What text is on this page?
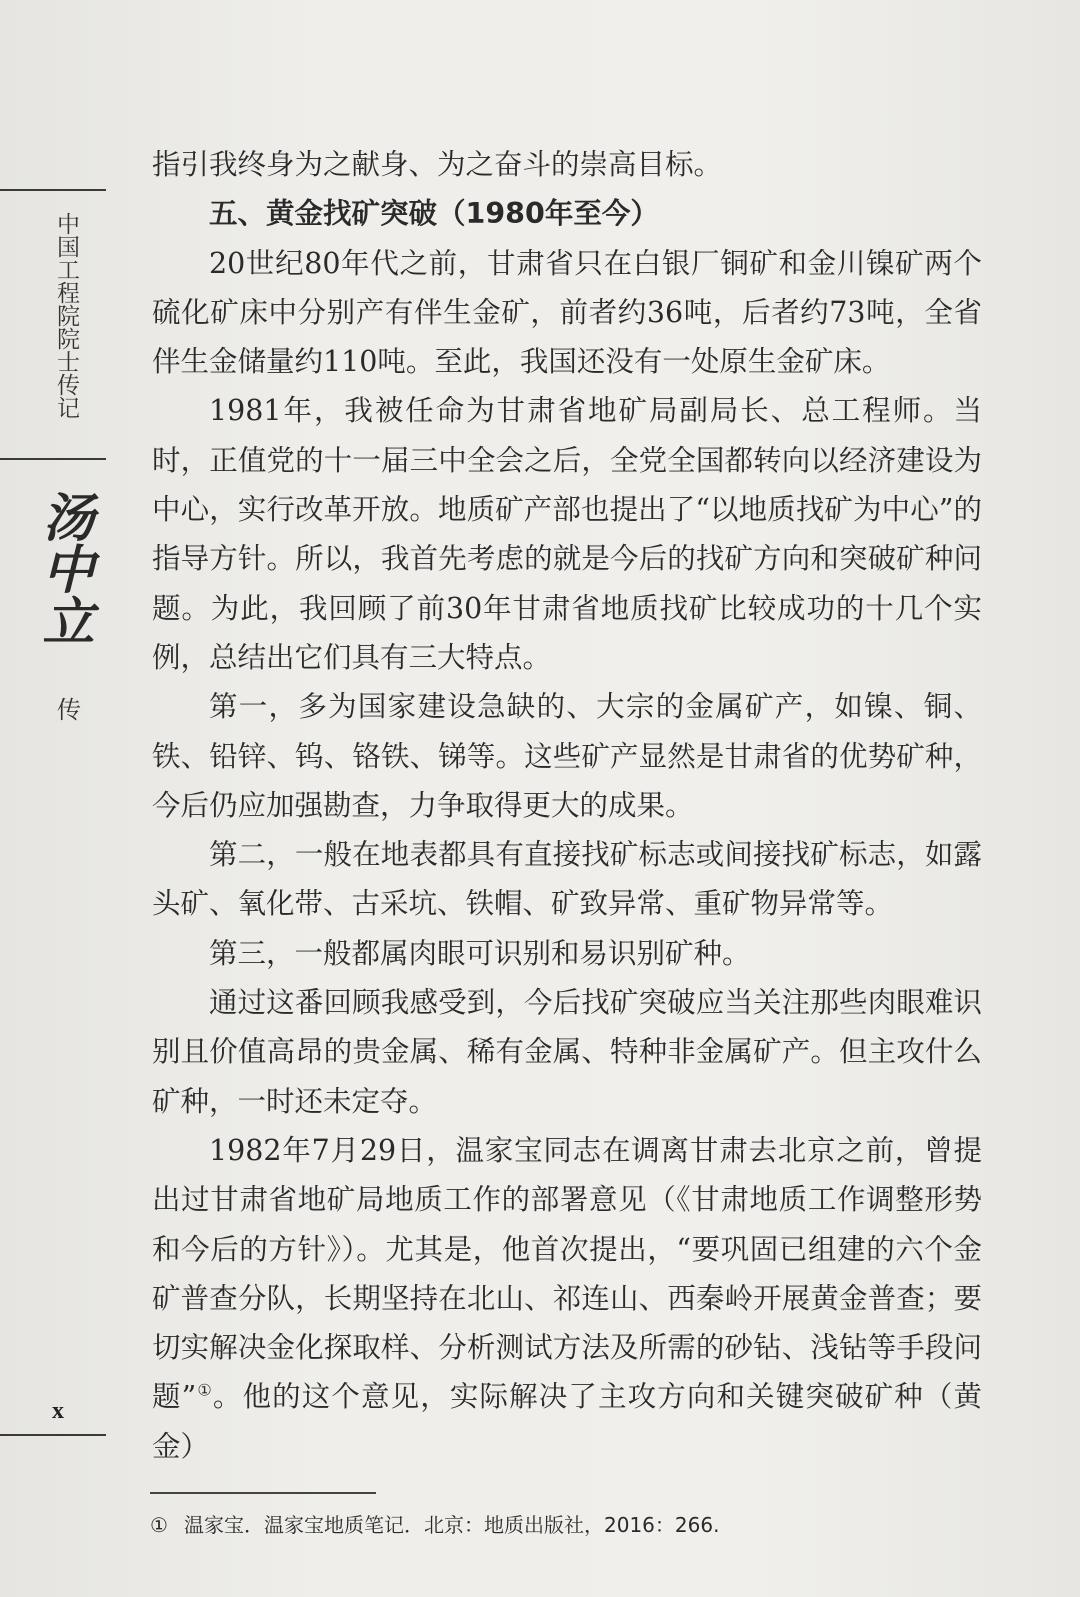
中国工程院院士传记
汤中立
传
x

指引我终身为之献身、为之奋斗的崇高目标。

五、黄金找矿突破（1980年至今）

20世纪80年代之前，甘肃省只在白银厂铜矿和金川镍矿两个硫化矿床中分别产有伴生金矿，前者约36吨，后者约73吨，全省伴生金储量约110吨。至此，我国还没有一处原生金矿床。

1981年，我被任命为甘肃省地矿局副局长、总工程师。当时，正值党的十一届三中全会之后，全党全国都转向以经济建设为中心，实行改革开放。地质矿产部也提出了“以地质找矿为中心”的指导方针。所以，我首先考虑的就是今后的找矿方向和突破矿种问题。为此，我回顾了前30年甘肃省地质找矿比较成功的十几个实例，总结出它们具有三大特点。

第一，多为国家建设急缺的、大宗的金属矿产，如镍、铜、铁、铅锌、钨、铬铁、锑等。这些矿产显然是甘肃省的优势矿种，今后仍应加强勘查，力争取得更大的成果。

第二，一般在地表都具有直接找矿标志或间接找矿标志，如露头矿、氧化带、古采坑、铁帽、矿致异常、重矿物异常等。

第三，一般都属肉眼可识别和易识别矿种。

通过这番回顾我感受到，今后找矿突破应当关注那些肉眼难识别且价值高昂的贵金属、稀有金属、特种非金属矿产。但主攻什么矿种，一时还未定夺。

1982年7月29日，温家宝同志在调离甘肃去北京之前，曾提出过甘肃省地矿局地质工作的部署意见（《甘肃地质工作调整形势和今后的方针》）。尤其是，他首次提出，“要巩固已组建的六个金矿普查分队，长期坚持在北山、祁连山、西秦岭开展黄金普查；要切实解决金化探取样、分析测试方法及所需的砂钻、浅钻等手段问题”①。他的这个意见，实际解决了主攻方向和关键突破矿种（黄金）

① 温家宝．温家宝地质笔记．北京：地质出版社，2016：266.
